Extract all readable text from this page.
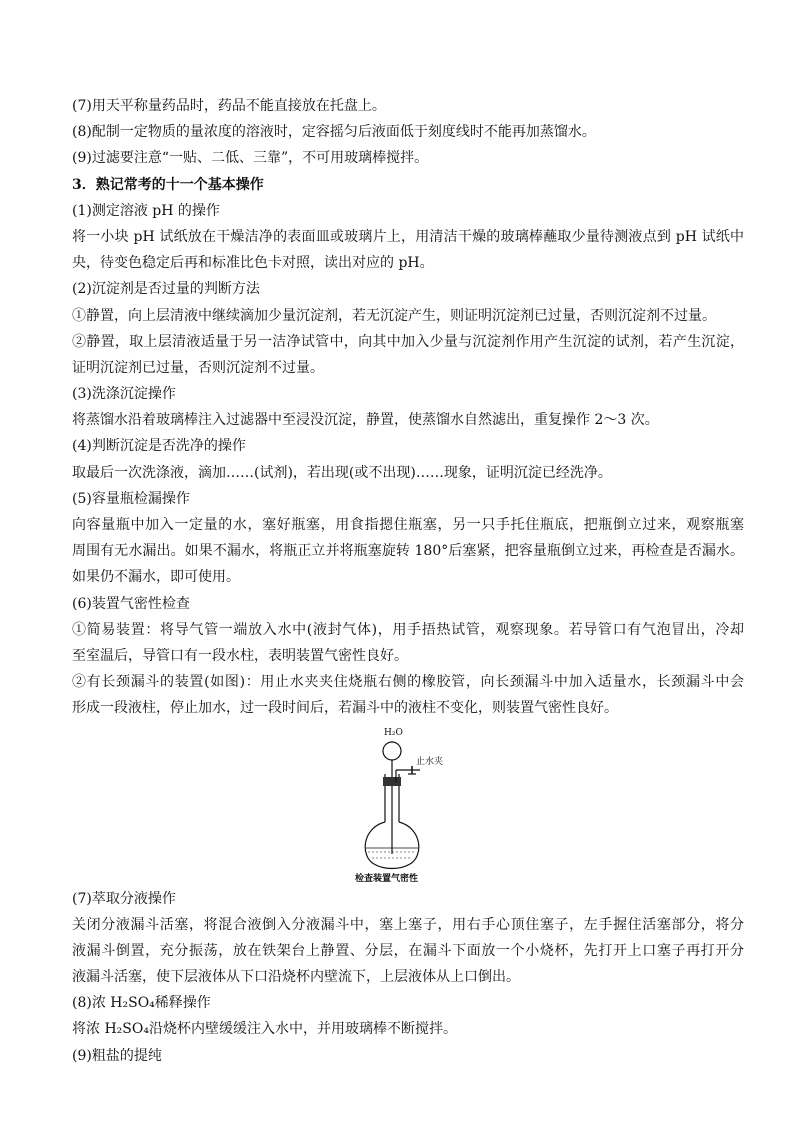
(7)用天平称量药品时，药品不能直接放在托盘上。
(8)配制一定物质的量浓度的溶液时，定容摇匀后液面低于刻度线时不能再加蒸馏水。
(9)过滤要注意“一贴、二低、三靠”，不可用玻璃棒搅拌。
3．熟记常考的十一个基本操作
(1)测定溶液 pH 的操作
将一小块 pH 试纸放在干燥洁净的表面皿或玻璃片上，用清洁干燥的玻璃棒蘸取少量待测液点到 pH 试纸中
央，待变色稳定后再和标准比色卡对照，读出对应的 pH。
(2)沉淀剂是否过量的判断方法
①静置，向上层清液中继续滴加少量沉淀剂，若无沉淀产生，则证明沉淀剂已过量，否则沉淀剂不过量。
②静置，取上层清液适量于另一洁净试管中，向其中加入少量与沉淀剂作用产生沉淀的试剂，若产生沉淀，
证明沉淀剂已过量，否则沉淀剂不过量。
(3)洗涤沉淀操作
将蒸馏水沿着玻璃棒注入过滤器中至浸没沉淀，静置，使蒸馏水自然滤出，重复操作 2～3 次。
(4)判断沉淀是否洗净的操作
取最后一次洗涤液，滴加……(试剂)，若出现(或不出现)……现象，证明沉淀已经洗净。
(5)容量瓶检漏操作
向容量瓶中加入一定量的水，塞好瓶塞，用食指摁住瓶塞，另一只手托住瓶底，把瓶倒立过来，观察瓶塞
周围有无水漏出。如果不漏水，将瓶正立并将瓶塞旋转 180°后塞紧，把容量瓶倒立过来，再检查是否漏水。
如果仍不漏水，即可使用。
(6)装置气密性检查
①简易装置：将导气管一端放入水中(液封气体)，用手捂热试管，观察现象。若导管口有气泡冒出，冷却
至室温后，导管口有一段水柱，表明装置气密性良好。
②有长颈漏斗的装置(如图)：用止水夹夹住烧瓶右侧的橡胶管，向长颈漏斗中加入适量水，长颈漏斗中会
形成一段液柱，停止加水，过一段时间后，若漏斗中的液柱不变化，则装置气密性良好。
H₂O
止水夹
检查装置气密性
(7)萃取分液操作
关闭分液漏斗活塞，将混合液倒入分液漏斗中，塞上塞子，用右手心顶住塞子，左手握住活塞部分，将分
液漏斗倒置，充分振荡，放在铁架台上静置、分层，在漏斗下面放一个小烧杯，先打开上口塞子再打开分
液漏斗活塞，使下层液体从下口沿烧杯内壁流下，上层液体从上口倒出。
(8)浓 H₂SO₄稀释操作
将浓 H₂SO₄沿烧杯内壁缓缓注入水中，并用玻璃棒不断搅拌。
(9)粗盐的提纯
